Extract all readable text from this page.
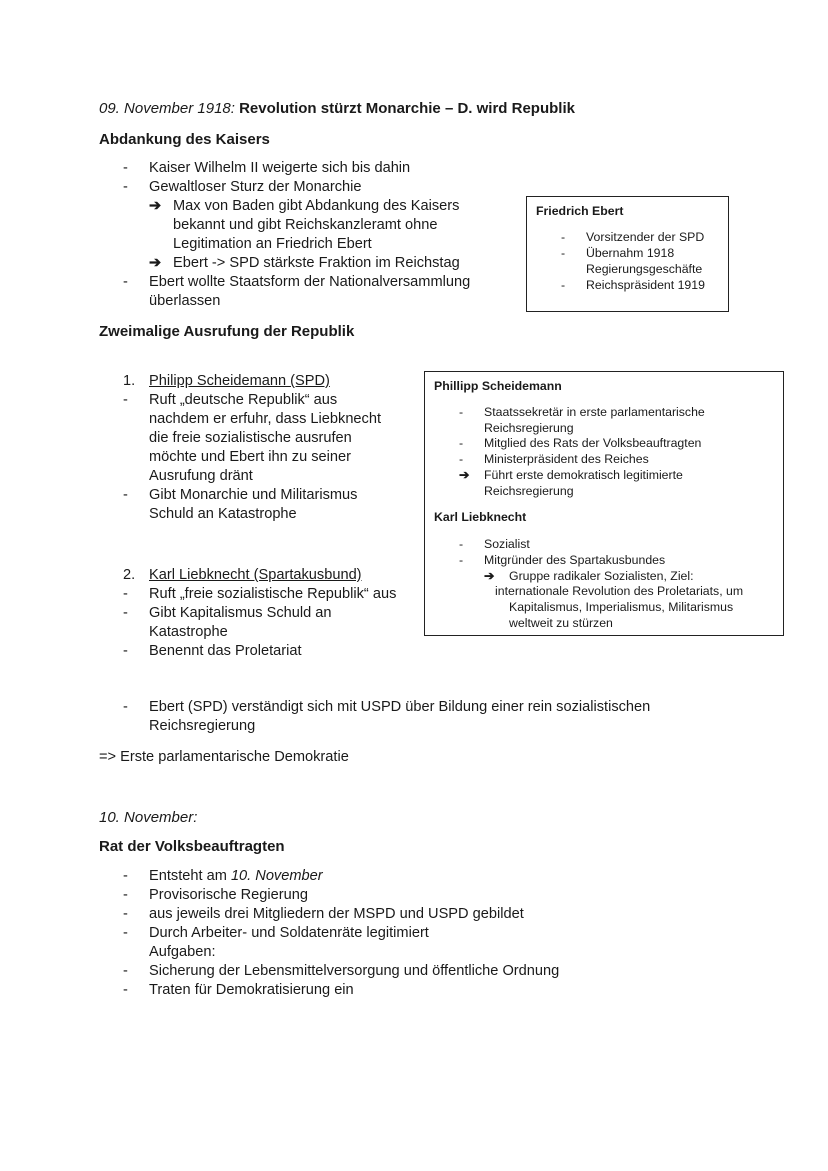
09. November 1918: Revolution stürzt Monarchie – D. wird Republik
Abdankung des Kaisers
- Kaiser Wilhelm II weigerte sich bis dahin
- Gewaltloser Sturz der Monarchie
➔ Max von Baden gibt Abdankung des Kaisers
bekannt und gibt Reichskanzleramt ohne
Legitimation an Friedrich Ebert
➔ Ebert -> SPD stärkste Fraktion im Reichstag
- Ebert wollte Staatsform der Nationalversammlung
überlassen
Friedrich Ebert
- Vorsitzender der SPD
- Übernahm 1918
Regierungsgeschäfte
- Reichspräsident 1919
Zweimalige Ausrufung der Republik
1. Philipp Scheidemann (SPD)
- Ruft „deutsche Republik“ aus
nachdem er erfuhr, dass Liebknecht
die freie sozialistische ausrufen
möchte und Ebert ihn zu seiner
Ausrufung dränt
- Gibt Monarchie und Militarismus
Schuld an Katastrophe
2. Karl Liebknecht (Spartakusbund)
- Ruft „freie sozialistische Republik“ aus
- Gibt Kapitalismus Schuld an
Katastrophe
- Benennt das Proletariat
Phillipp Scheidemann
- Staatssekretär in erste parlamentarische
Reichsregierung
- Mitglied des Rats der Volksbeauftragten
- Ministerpräsident des Reiches
➔ Führt erste demokratisch legitimierte
Reichsregierung
Karl Liebknecht
- Sozialist
- Mitgründer des Spartakusbundes
➔ Gruppe radikaler Sozialisten, Ziel:
internationale Revolution des Proletariats, um
Kapitalismus, Imperialismus, Militarismus
weltweit zu stürzen
- Ebert (SPD) verständigt sich mit USPD über Bildung einer rein sozialistischen
Reichsregierung
=> Erste parlamentarische Demokratie
10. November:
Rat der Volksbeauftragten
- Entsteht am 10. November
- Provisorische Regierung
- aus jeweils drei Mitgliedern der MSPD und USPD gebildet
- Durch Arbeiter- und Soldatenräte legitimiert
Aufgaben:
- Sicherung der Lebensmittelversorgung und öffentliche Ordnung
- Traten für Demokratisierung ein
